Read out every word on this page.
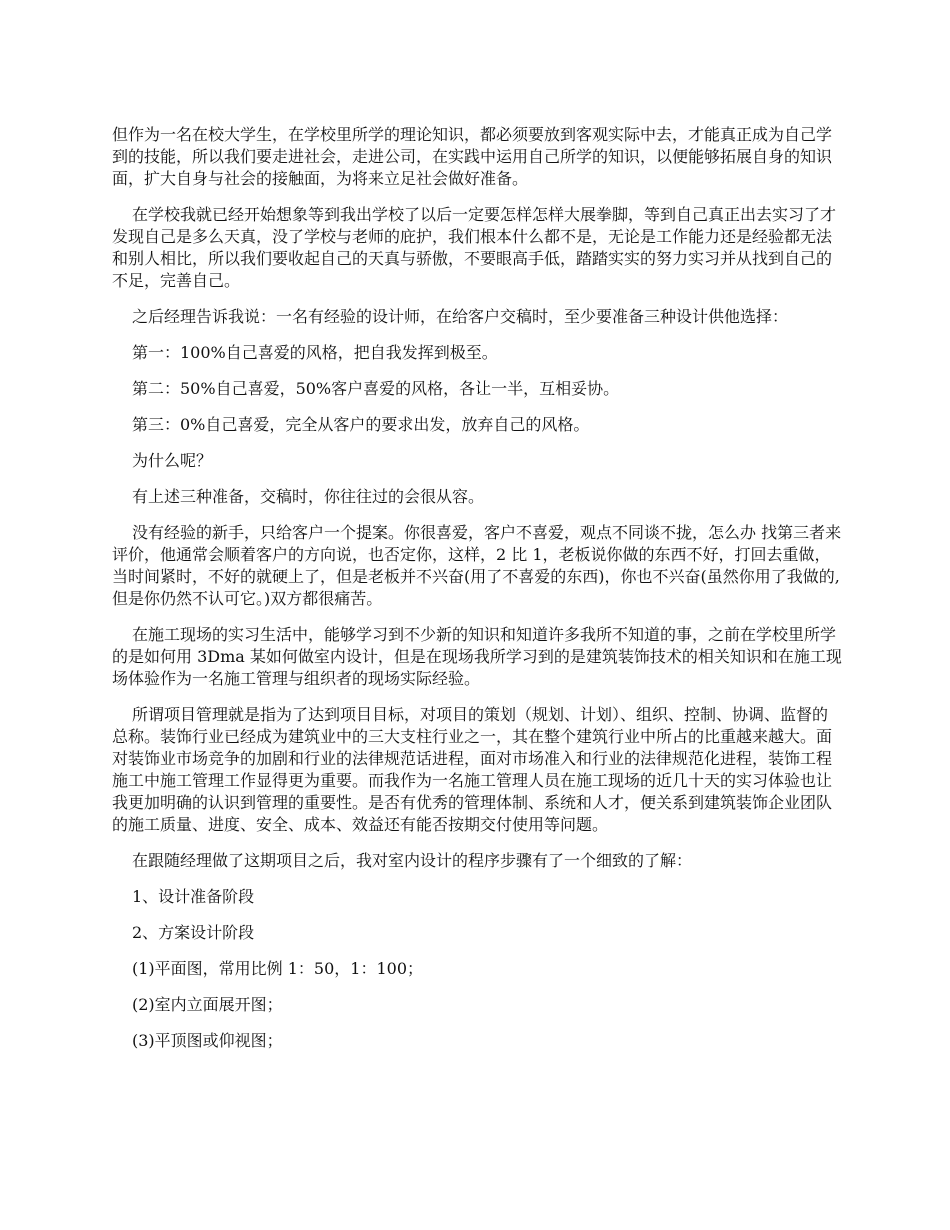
但作为一名在校大学生，在学校里所学的理论知识，都必须要放到客观实际中去，才能真正成为自己学到的技能，所以我们要走进社会，走进公司，在实践中运用自己所学的知识，以便能够拓展自身的知识面，扩大自身与社会的接触面，为将来立足社会做好准备。

在学校我就已经开始想象等到我出学校了以后一定要怎样怎样大展拳脚，等到自己真正出去实习了才发现自己是多么天真，没了学校与老师的庇护，我们根本什么都不是，无论是工作能力还是经验都无法和别人相比，所以我们要收起自己的天真与骄傲，不要眼高手低，踏踏实实的努力实习并从找到自己的不足，完善自己。

之后经理告诉我说：一名有经验的设计师，在给客户交稿时，至少要准备三种设计供他选择：

第一：100%自己喜爱的风格，把自我发挥到极至。

第二：50%自己喜爱，50%客户喜爱的风格，各让一半，互相妥协。

第三：0%自己喜爱，完全从客户的要求出发，放弃自己的风格。

为什么呢？

有上述三种准备，交稿时，你往往过的会很从容。

没有经验的新手，只给客户一个提案。你很喜爱，客户不喜爱，观点不同谈不拢，怎么办 找第三者来评价，他通常会顺着客户的方向说，也否定你，这样，2 比 1，老板说你做的东西不好，打回去重做，当时间紧时，不好的就硬上了，但是老板并不兴奋(用了不喜爱的东西)，你也不兴奋(虽然你用了我做的,但是你仍然不认可它。)双方都很痛苦。

在施工现场的实习生活中，能够学习到不少新的知识和知道许多我所不知道的事，之前在学校里所学的是如何用 3Dma 某如何做室内设计，但是在现场我所学习到的是建筑装饰技术的相关知识和在施工现场体验作为一名施工管理与组织者的现场实际经验。

所谓项目管理就是指为了达到项目目标，对项目的策划（规划、计划）、组织、控制、协调、监督的总称。装饰行业已经成为建筑业中的三大支柱行业之一，其在整个建筑行业中所占的比重越来越大。面对装饰业市场竞争的加剧和行业的法律规范话进程，面对市场准入和行业的法律规范化进程，装饰工程施工中施工管理工作显得更为重要。而我作为一名施工管理人员在施工现场的近几十天的实习体验也让我更加明确的认识到管理的重要性。是否有优秀的管理体制、系统和人才，便关系到建筑装饰企业团队的施工质量、进度、安全、成本、效益还有能否按期交付使用等问题。

在跟随经理做了这期项目之后，我对室内设计的程序步骤有了一个细致的了解：

1、设计准备阶段

2、方案设计阶段

(1)平面图，常用比例 1：50，1：100；

(2)室内立面展开图；

(3)平顶图或仰视图；
